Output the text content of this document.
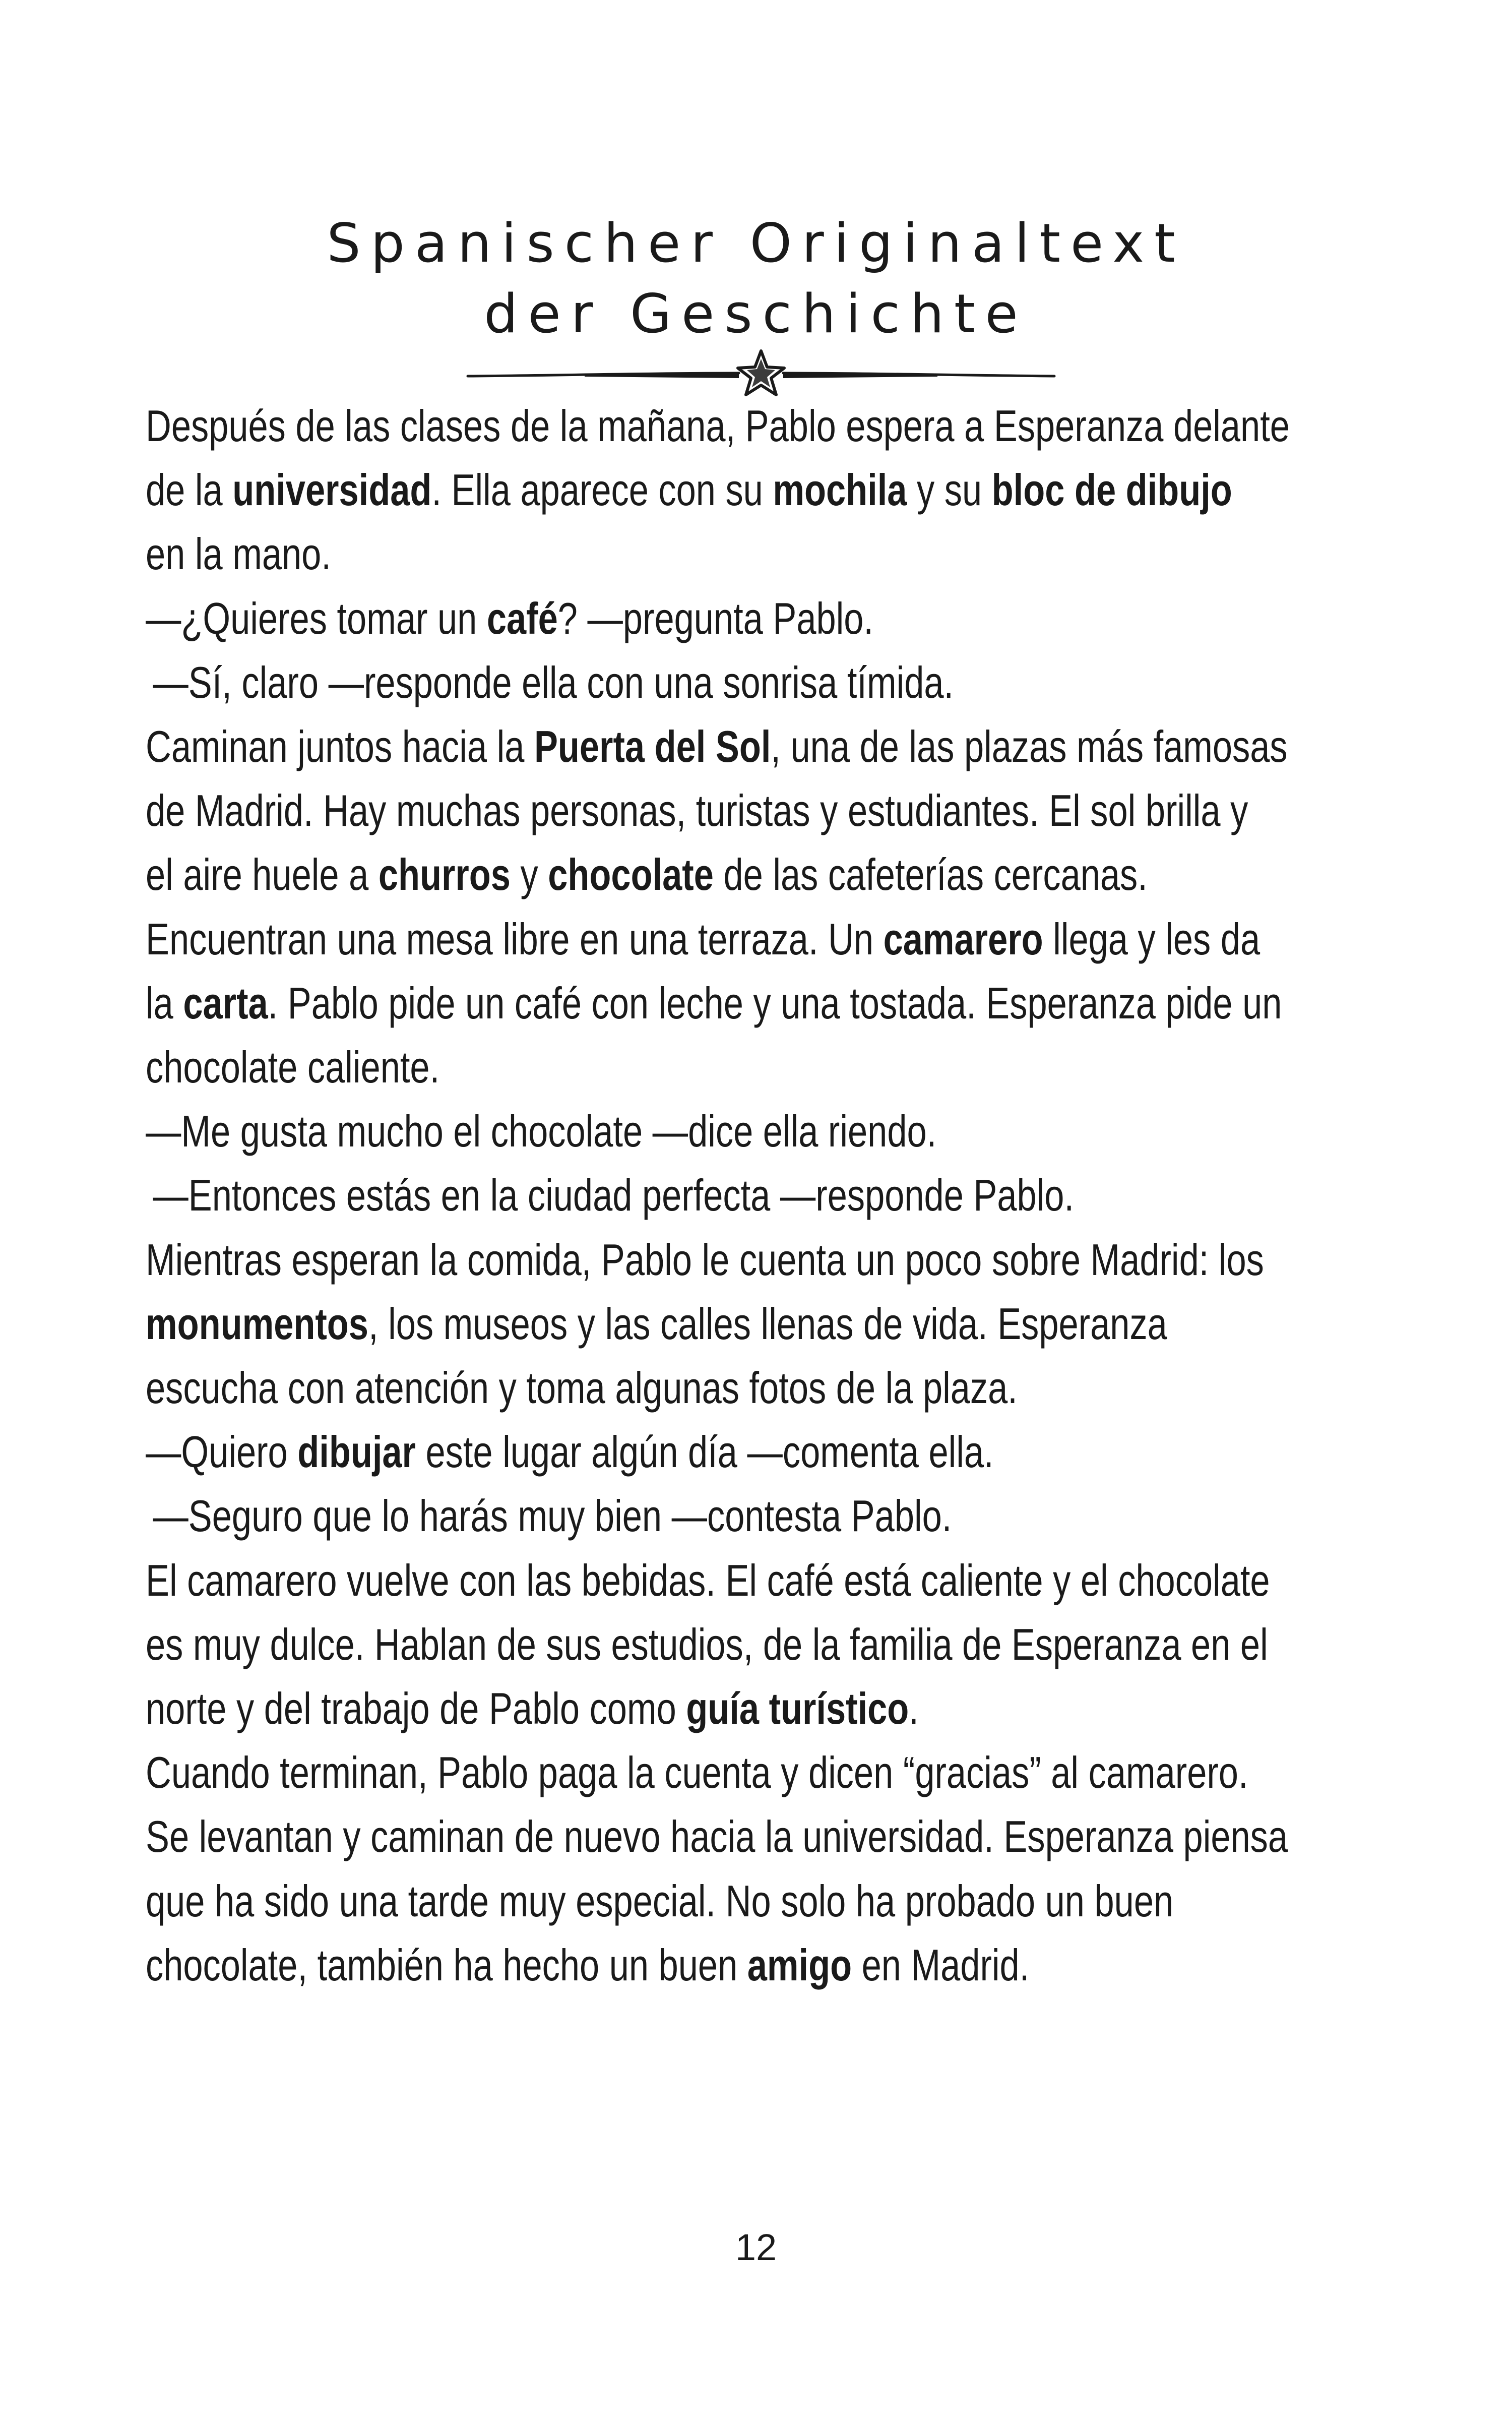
Spanischer Originaltext
der Geschichte
Después de las clases de la mañana, Pablo espera a Esperanza delante
de la universidad. Ella aparece con su mochila y su bloc de dibujo
en la mano.
—¿Quieres tomar un café? —pregunta Pablo.
—Sí, claro —responde ella con una sonrisa tímida.
Caminan juntos hacia la Puerta del Sol, una de las plazas más famosas
de Madrid. Hay muchas personas, turistas y estudiantes. El sol brilla y
el aire huele a churros y chocolate de las cafeterías cercanas.
Encuentran una mesa libre en una terraza. Un camarero llega y les da
la carta. Pablo pide un café con leche y una tostada. Esperanza pide un
chocolate caliente.
—Me gusta mucho el chocolate —dice ella riendo.
—Entonces estás en la ciudad perfecta —responde Pablo.
Mientras esperan la comida, Pablo le cuenta un poco sobre Madrid: los
monumentos, los museos y las calles llenas de vida. Esperanza
escucha con atención y toma algunas fotos de la plaza.
—Quiero dibujar este lugar algún día —comenta ella.
—Seguro que lo harás muy bien —contesta Pablo.
El camarero vuelve con las bebidas. El café está caliente y el chocolate
es muy dulce. Hablan de sus estudios, de la familia de Esperanza en el
norte y del trabajo de Pablo como guía turístico.
Cuando terminan, Pablo paga la cuenta y dicen “gracias” al camarero.
Se levantan y caminan de nuevo hacia la universidad. Esperanza piensa
que ha sido una tarde muy especial. No solo ha probado un buen
chocolate, también ha hecho un buen amigo en Madrid.
12
